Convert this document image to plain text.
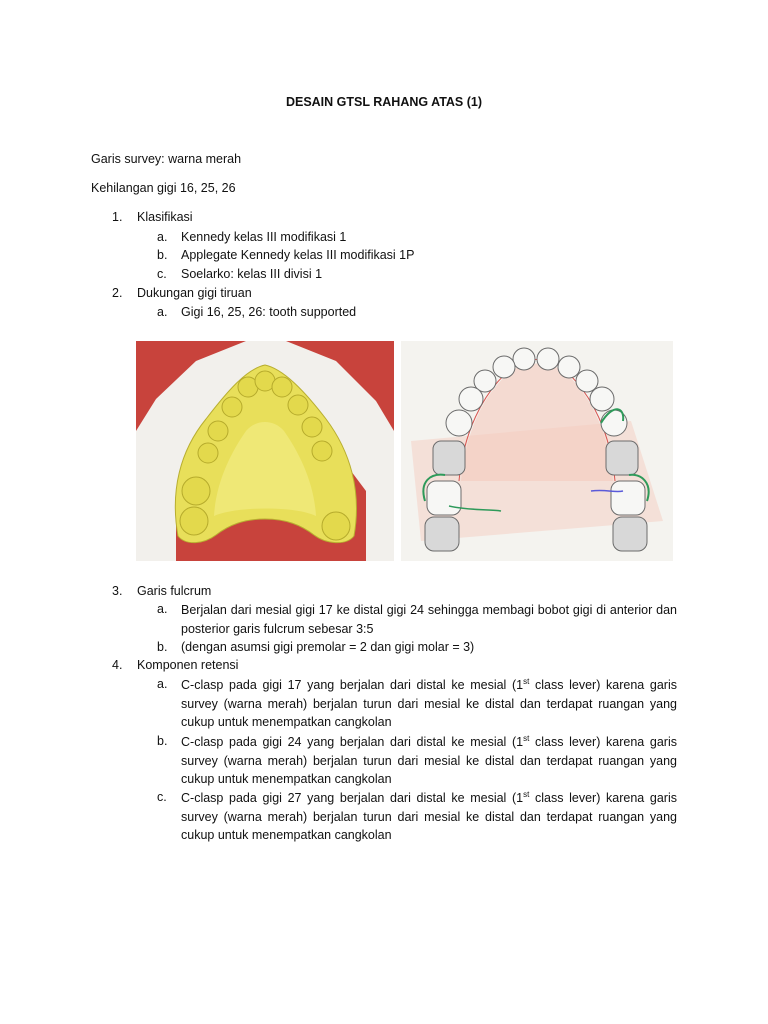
DESAIN GTSL RAHANG ATAS (1)
Garis survey: warna merah
Kehilangan gigi 16, 25, 26
1. Klasifikasi
a. Kennedy kelas III modifikasi 1
b. Applegate Kennedy kelas III modifikasi 1P
c. Soelarko: kelas III divisi 1
2. Dukungan gigi tiruan
a. Gigi 16, 25, 26: tooth supported
3. Garis fulcrum
a. Berjalan dari mesial gigi 17 ke distal gigi 24 sehingga membagi bobot gigi di anterior dan posterior garis fulcrum sebesar 3:5
b. (dengan asumsi gigi premolar = 2 dan gigi molar = 3)
4. Komponen retensi
a. C-clasp pada gigi 17 yang berjalan dari distal ke mesial (1st class lever) karena garis survey (warna merah) berjalan turun dari mesial ke distal dan terdapat ruangan yang cukup untuk menempatkan cangkolan
b. C-clasp pada gigi 24 yang berjalan dari distal ke mesial (1st class lever) karena garis survey (warna merah) berjalan turun dari mesial ke distal dan terdapat ruangan yang cukup untuk menempatkan cangkolan
c. C-clasp pada gigi 27 yang berjalan dari distal ke mesial (1st class lever) karena garis survey (warna merah) berjalan turun dari mesial ke distal dan terdapat ruangan yang cukup untuk menempatkan cangkolan
